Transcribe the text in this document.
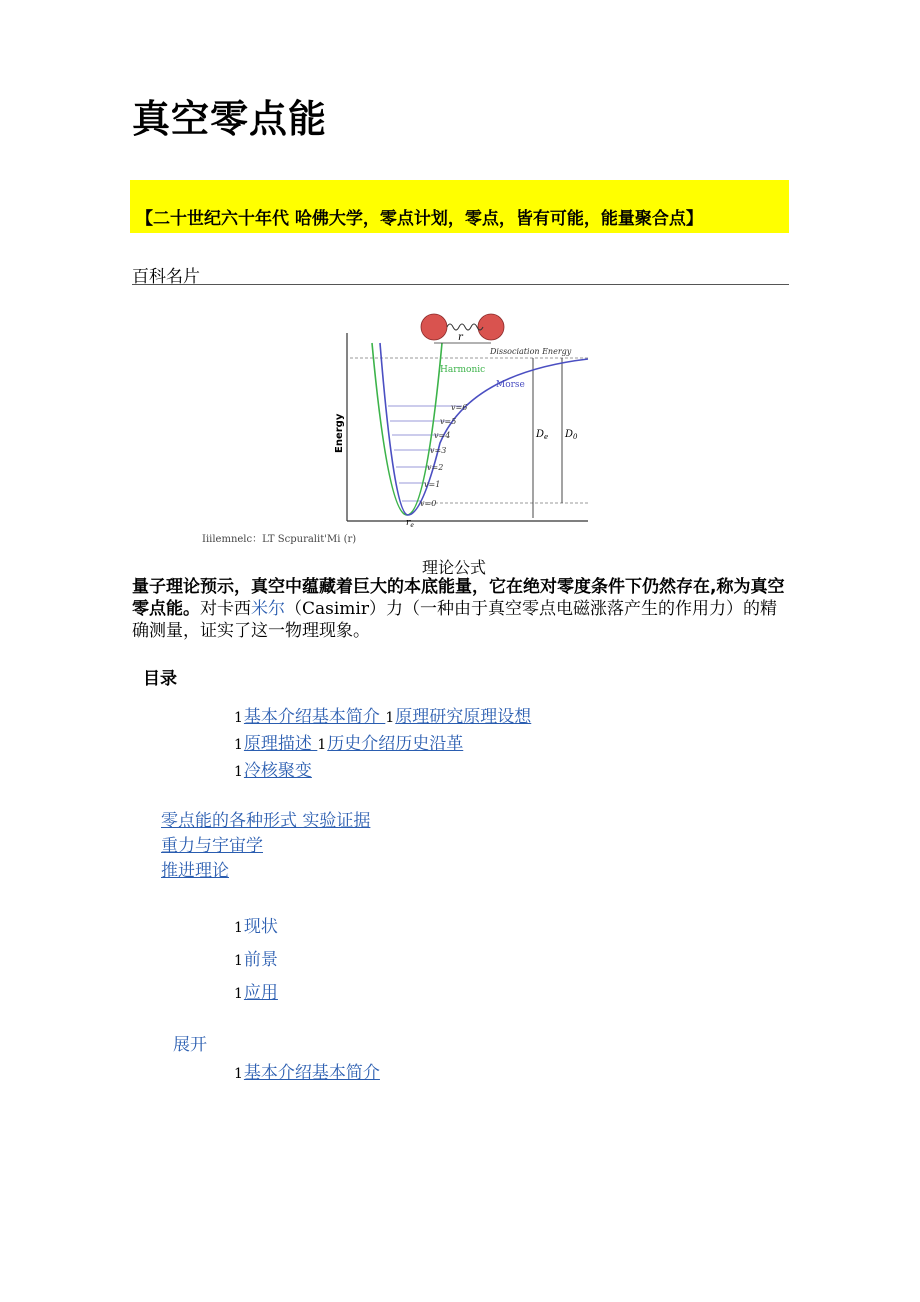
真空零点能
【二十世纪六十年代 哈佛大学，零点计划，零点，皆有可能，能量聚合点】
百科名片
r
Dissociation Energy
Harmonic
Morse
Energy
v=6
v=5
v=4
v=3
v=2
v=1
v=0
$D_e$ $D_0$
$r_e$
Iiilemnelc：LT Scpuralit'Mi (r)
理论公式
量子理论预示，真空中蕴藏着巨大的本底能量，它在绝对零度条件下仍然存在,称为真空零点能。对卡西米尔（Casimir）力（一种由于真空零点电磁涨落产生的作用力）的精确测量，证实了这一物理现象。
目录
1基本介绍基本简介 1原理研究原理设想
1原理描述 1历史介绍历史沿革
1冷核聚变
零点能的各种形式 实验证据
重力与宇宙学
推进理论
1现状
1前景
1应用
展开
1基本介绍基本简介
